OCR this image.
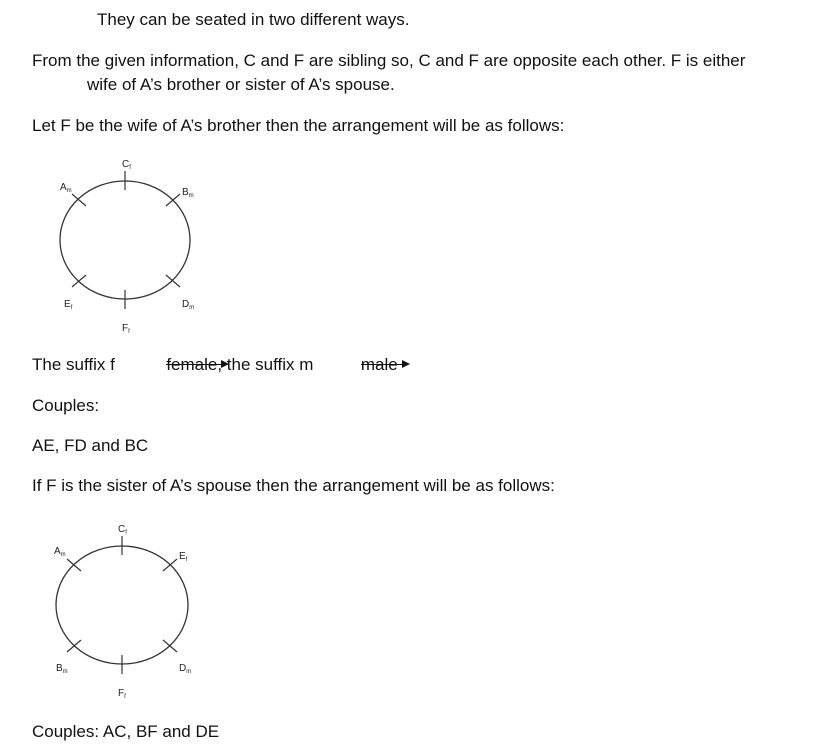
They can be seated in two different ways.
From the given information, C and F are sibling so, C and F are opposite each other. F is either
wife of A’s brother or sister of A’s spouse.
Let F be the wife of A’s brother then the arrangement will be as follows:
$C_f$
$A_m$	$B_m$
$E_f$	$D_m$
$F_f$
The suffix f	female
, the suffix m	male
Couples:
AE, FD and BC
If F is the sister of A’s spouse then the arrangement will be as follows:
$C_f$
$A_m$	$E_f$
$B_m$	$D_m$
$F_f$
Couples: AC, BF and DE
